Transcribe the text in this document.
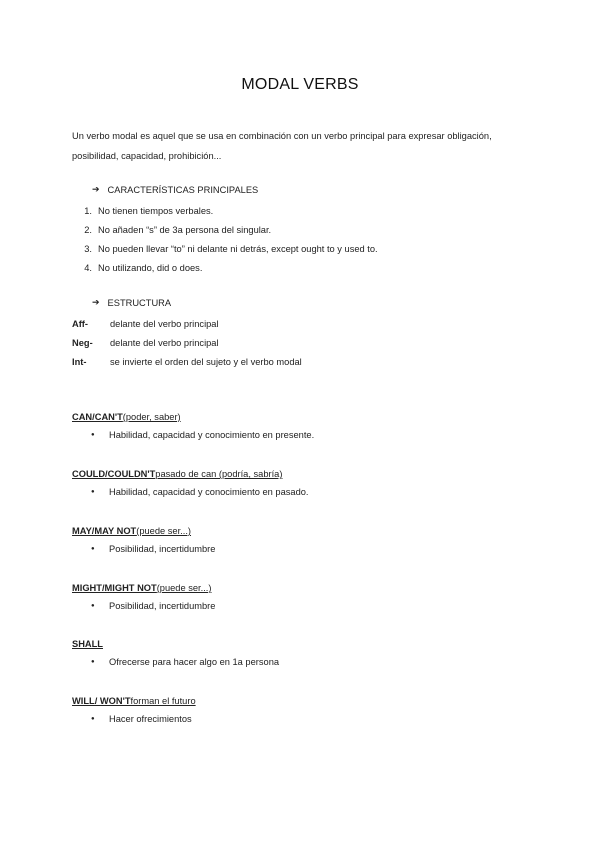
MODAL VERBS
Un verbo modal es aquel que se usa en combinación con un verbo principal para expresar obligación, posibilidad, capacidad, prohibición...
➔ CARACTERÍSTICAS PRINCIPALES
1. No tienen tiempos verbales.
2. No añaden “s” de 3a persona del singular.
3. No pueden llevar “to” ni delante ni detrás, except ought to y used to.
4. No utilizando, did o does.
➔ ESTRUCTURA
Aff-	delante del verbo principal
Neg-	delante del verbo principal
Int-	se invierte el orden del sujeto y el verbo modal
CAN/CAN'T (poder, saber)
●	Habilidad, capacidad y conocimiento en presente.
COULD/COULDN'T pasado de can (podría, sabría)
●	Habilidad, capacidad y conocimiento en pasado.
MAY/MAY NOT (puede ser...)
●	Posibilidad, incertidumbre
MIGHT/MIGHT NOT (puede ser...)
●	Posibilidad, incertidumbre
SHALL
●	Ofrecerse para hacer algo en 1a persona
WILL/ WON'T forman el futuro
●	Hacer ofrecimientos
